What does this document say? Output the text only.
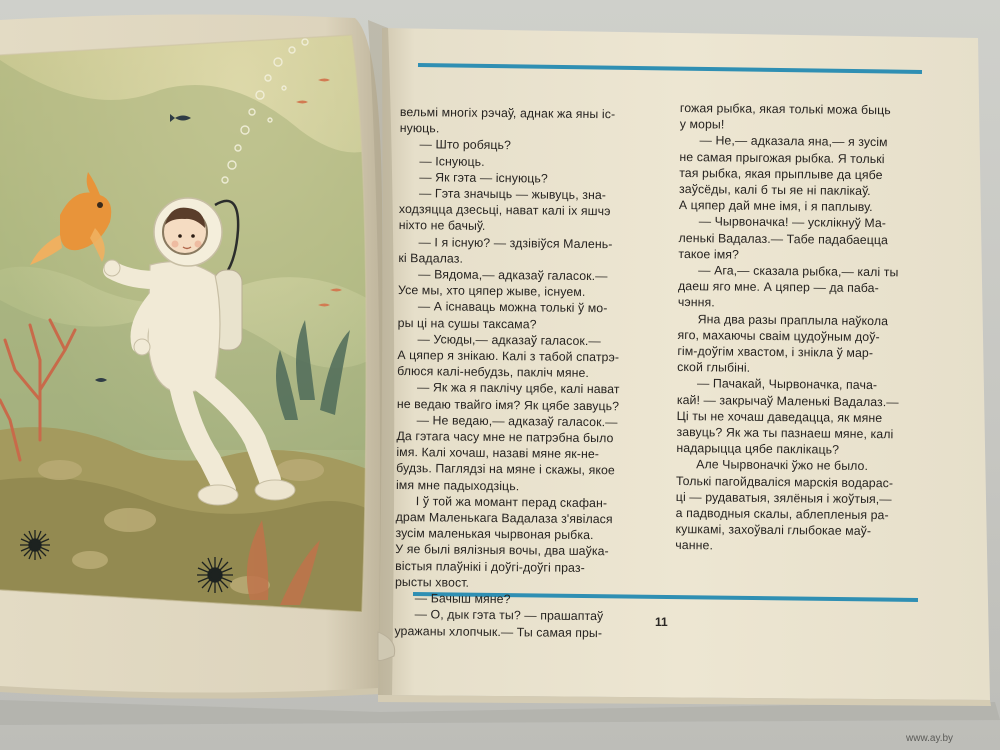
вельмі многіх рэчаў, аднак жа яны іс-

нуюць.

— Што робяць?

— Існуюць.

— Як гэта — існуюць?

— Гэта значыць — жывуць, зна-

ходзяцца дзесьці, нават калі іх яшчэ

ніхто не бачыў.

— І я існую? — здзівіўся Малень-

кі Вадалаз.

— Вядома,— адказаў галасок.—

Усе мы, хто цяпер жыве, існуем.

— А існаваць можна толькі ў мо-

ры ці на сушы таксама?

— Усюды,— адказаў галасок.—

А цяпер я знікаю. Калі з табой спатрэ-

блюся калі-небудзь, пакліч мяне.

— Як жа я паклічу цябе, калі нават

не ведаю твайго імя? Як цябе завуць?

— Не ведаю,— адказаў галасок.—

Да гэтага часу мне не патрэбна было

імя. Калі хочаш, назаві мяне як-не-

будзь. Паглядзі на мяне і скажы, якое

імя мне падыходзіць.

І ў той жа момант перад скафан-

драм Маленькага Вадалаза з'явілася

зусім маленькая чырвоная рыбка.

У яе былі вялізныя вочы, два шаўка-

вістыя плаўнікі і доўгі-доўгі праз-

рысты хвост.

— Бачыш мяне?

— О, дык гэта ты? — прашаптаў

уражаны хлопчык.— Ты самая пры-

гожая рыбка, якая толькі можа быць

у моры!

— Не,— адказала яна,— я зусім

не самая прыгожая рыбка. Я толькі

тая рыбка, якая прыплыве да цябе

заўсёды, калі б ты яе ні паклікаў.

А цяпер дай мне імя, і я паплыву.

— Чырвоначка! — усклікнуў Ма-

ленькі Вадалаз.— Табе падабаецца

такое імя?

— Ага,— сказала рыбка,— калі ты

даеш яго мне. А цяпер — да паба-

чэння.

Яна два разы праплыла наўкола

яго, махаючы сваім цудоўным доў-

гім-доўгім хвастом, і знікла ў мар-

ской глыбіні.

— Пачакай, Чырвоначка, пача-

кай! — закрычаў Маленькі Вадалаз.—

Ці ты не хочаш даведацца, як мяне

завуць? Як жа ты пазнаеш мяне, калі

надарыцца цябе паклікаць?

Але Чырвоначкі ўжо не было.

Толькі пагойдваліся марскія водарас-

ці — рудаватыя, зялёныя і жоўтыя,—

а падводныя скалы, аблепленыя ра-

кушкамі, захоўвалі глыбокае маў-

чанне.

11
www.ay.by
